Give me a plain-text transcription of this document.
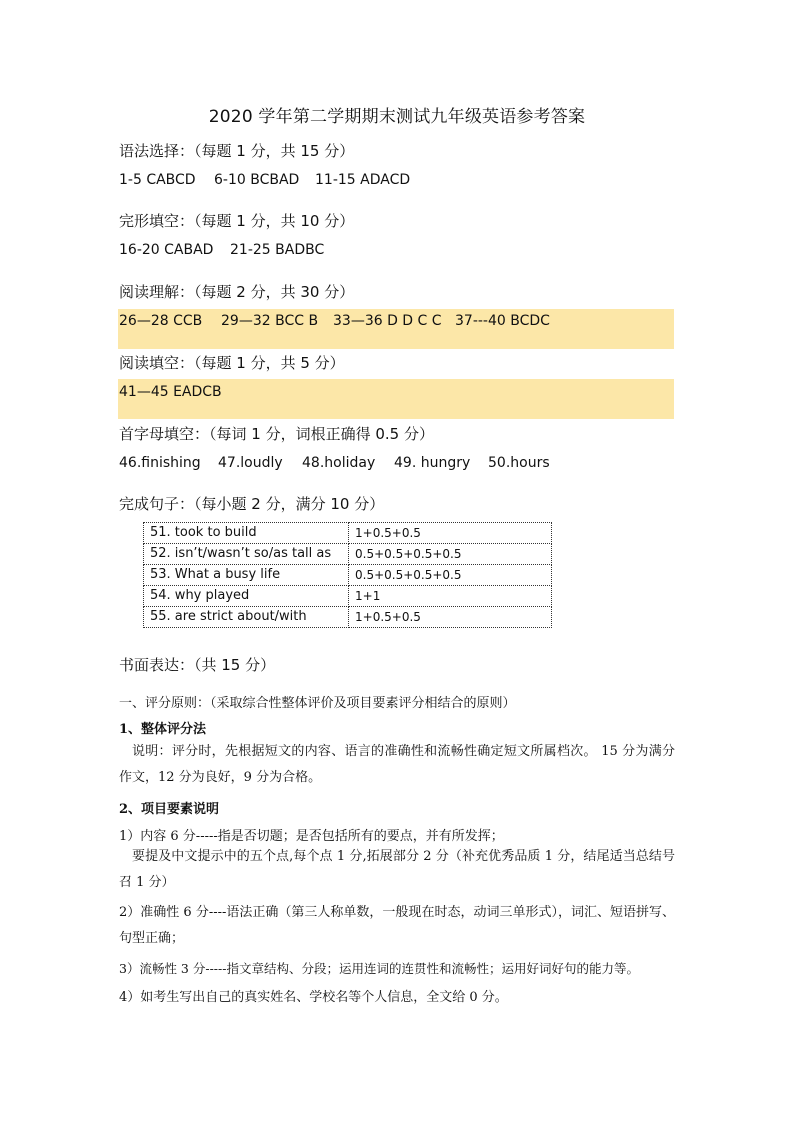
2020 学年第二学期期末测试九年级英语参考答案
语法选择：（每题 1 分，共 15 分）
1-5 CABCD 6-10 BCBAD 11-15 ADACD
完形填空：（每题 1 分，共 10 分）
16-20 CABAD 21-25 BADBC
阅读理解：（每题 2 分，共 30 分）
26—28 CCB 29—32 BCC B 33—36 D D C C 37---40 BCDC
阅读填空：（每题 1 分，共 5 分）
41—45 EADCB
首字母填空：（每词 1 分，词根正确得 0.5 分）
46.finishing 47.loudly 48.holiday 49. hungry 50.hours
完成句子：（每小题 2 分，满分 10 分）
51. took to build	1+0.5+0.5
52. isn’t/wasn’t so/as tall as	0.5+0.5+0.5+0.5
53. What a busy life	0.5+0.5+0.5+0.5
54. why played	1+1
55. are strict about/with	1+0.5+0.5
书面表达：（共 15 分）
一、评分原则：（采取综合性整体评价及项目要素评分相结合的原则）
1、整体评分法
说明：评分时，先根据短文的内容、语言的准确性和流畅性确定短文所属档次。 15 分为满分作文，12 分为良好，9 分为合格。
2、项目要素说明
1）内容 6 分-----指是否切题；是否包括所有的要点，并有所发挥；
要提及中文提示中的五个点,每个点 1 分,拓展部分 2 分（补充优秀品质 1 分，结尾适当总结号召 1 分）
2）准确性 6 分----语法正确（第三人称单数，一般现在时态，动词三单形式），词汇、短语拼写、句型正确；
3）流畅性 3 分-----指文章结构、分段；运用连词的连贯性和流畅性；运用好词好句的能力等。
4）如考生写出自己的真实姓名、学校名等个人信息，全文给 0 分。
